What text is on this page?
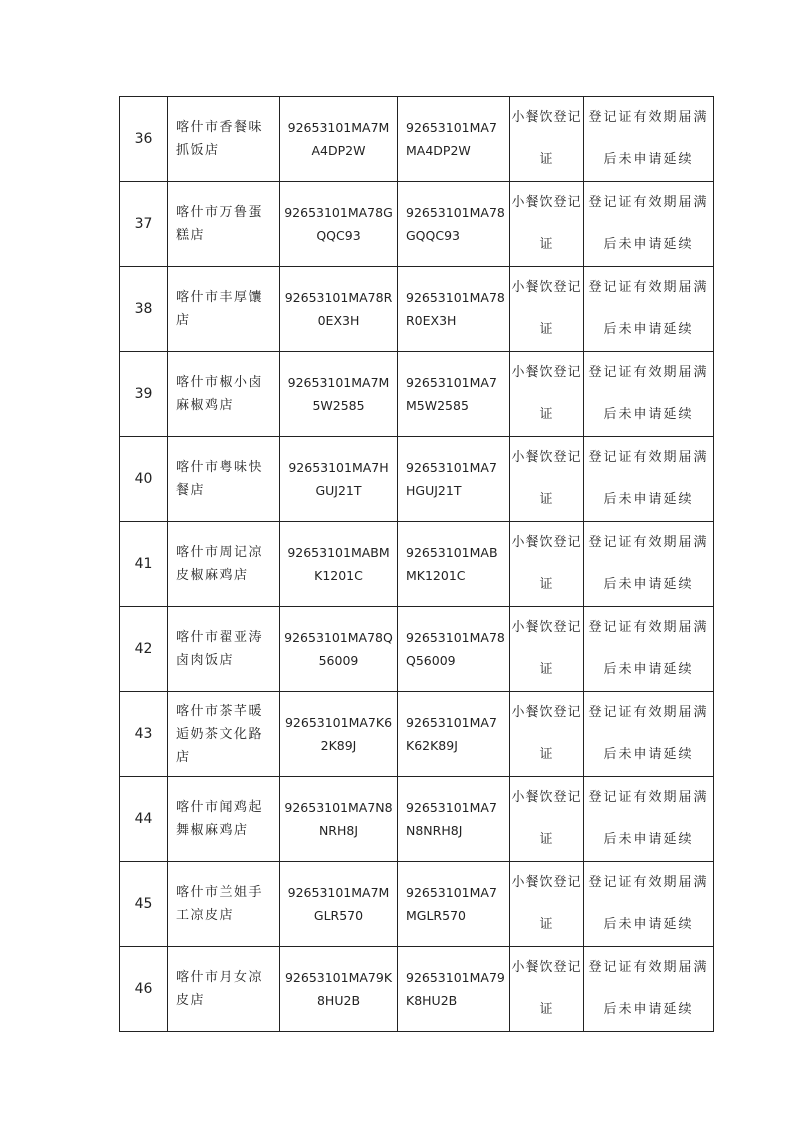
36	喀什市香餐味抓饭店	92653101MA7MA4DP2W	92653101MA7MA4DP2W	小餐饮登记证	登记证有效期届满后未申请延续
37	喀什市万鲁蛋糕店	92653101MA78GQQC93	92653101MA78GQQC93	小餐饮登记证	登记证有效期届满后未申请延续
38	喀什市丰厚馕店	92653101MA78R0EX3H	92653101MA78R0EX3H	小餐饮登记证	登记证有效期届满后未申请延续
39	喀什市椒小卤麻椒鸡店	92653101MA7M5W2585	92653101MA7M5W2585	小餐饮登记证	登记证有效期届满后未申请延续
40	喀什市粤味快餐店	92653101MA7HGUJ21T	92653101MA7HGUJ21T	小餐饮登记证	登记证有效期届满后未申请延续
41	喀什市周记凉皮椒麻鸡店	92653101MABMK1201C	92653101MABMK1201C	小餐饮登记证	登记证有效期届满后未申请延续
42	喀什市翟亚涛卤肉饭店	92653101MA78Q56009	92653101MA78Q56009	小餐饮登记证	登记证有效期届满后未申请延续
43	喀什市茶芊暖逅奶茶文化路店	92653101MA7K62K89J	92653101MA7K62K89J	小餐饮登记证	登记证有效期届满后未申请延续
44	喀什市闻鸡起舞椒麻鸡店	92653101MA7N8NRH8J	92653101MA7N8NRH8J	小餐饮登记证	登记证有效期届满后未申请延续
45	喀什市兰姐手工凉皮店	92653101MA7MGLR570	92653101MA7MGLR570	小餐饮登记证	登记证有效期届满后未申请延续
46	喀什市月女凉皮店	92653101MA79K8HU2B	92653101MA79K8HU2B	小餐饮登记证	登记证有效期届满后未申请延续
